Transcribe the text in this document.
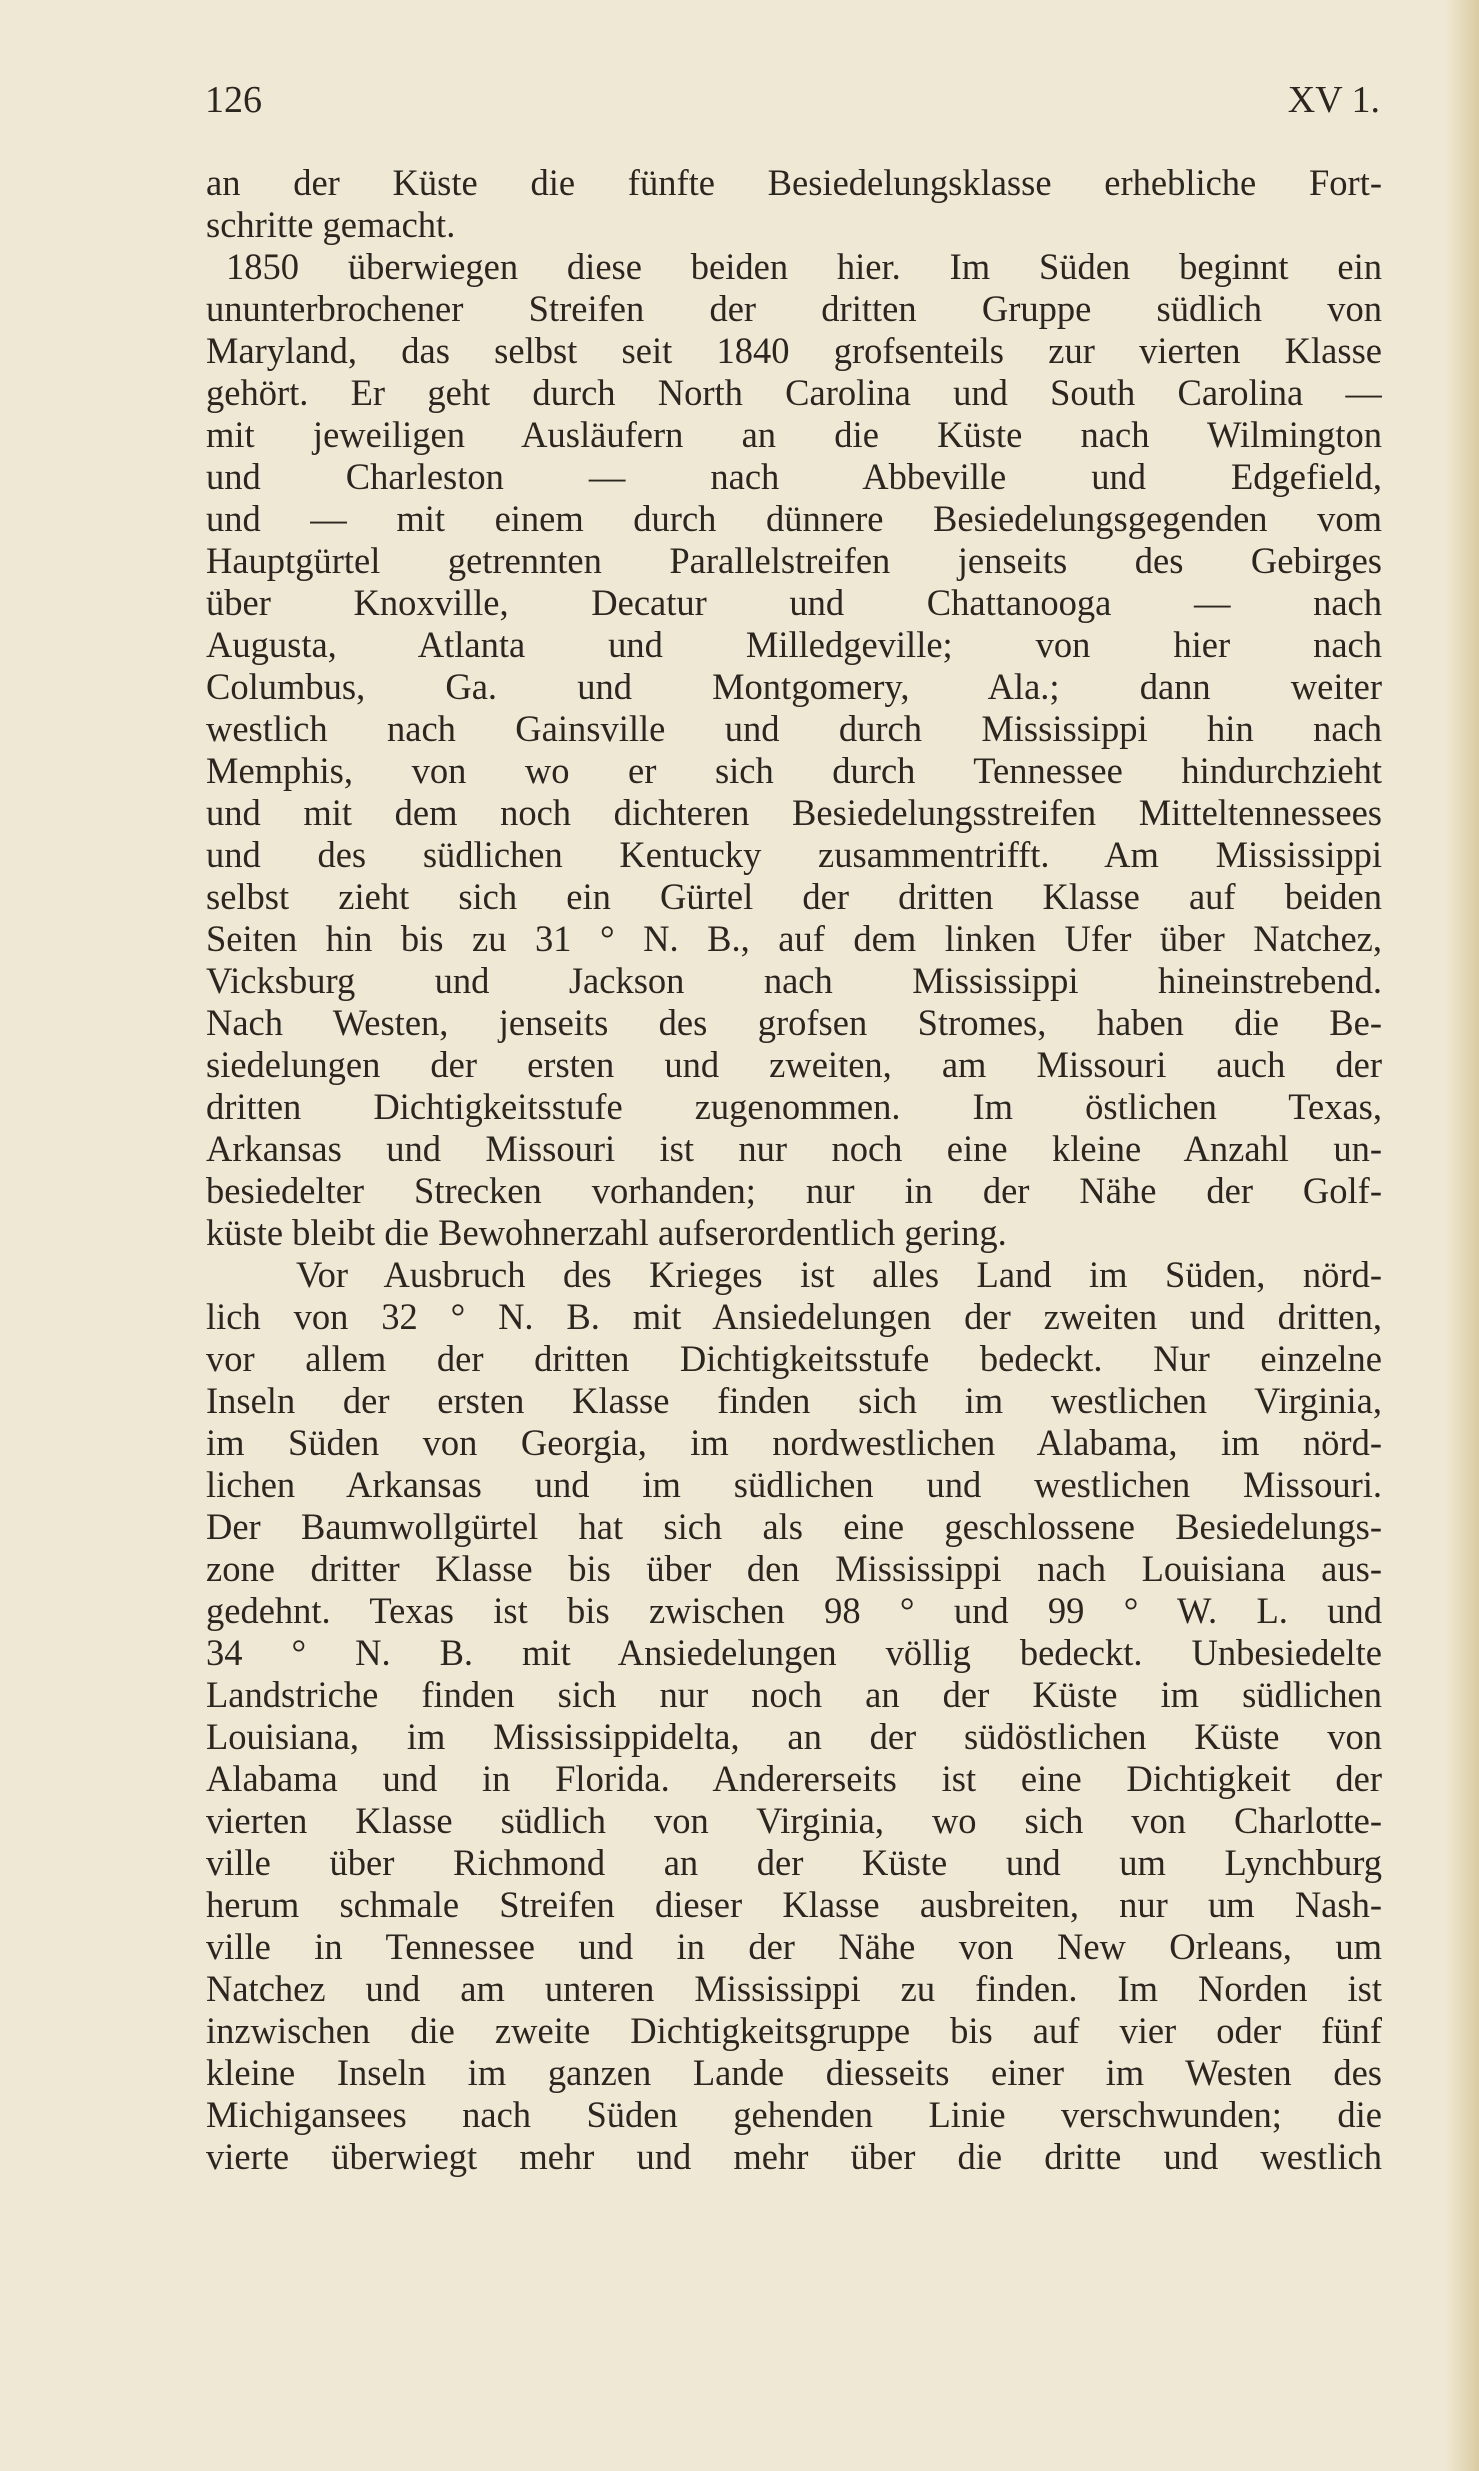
126	XV 1.
an der Küste die fünfte Besiedelungsklasse erhebliche Fort-
schritte gemacht.
1850 überwiegen diese beiden hier. Im Süden beginnt ein
ununterbrochener Streifen der dritten Gruppe südlich von
Maryland, das selbst seit 1840 grofsenteils zur vierten Klasse
gehört. Er geht durch North Carolina und South Carolina —
mit jeweiligen Ausläufern an die Küste nach Wilmington
und Charleston — nach Abbeville und Edgefield,
und — mit einem durch dünnere Besiedelungsgegenden vom
Hauptgürtel getrennten Parallelstreifen jenseits des Gebirges
über Knoxville, Decatur und Chattanooga — nach
Augusta, Atlanta und Milledgeville; von hier nach
Columbus, Ga. und Montgomery, Ala.; dann weiter
westlich nach Gainsville und durch Mississippi hin nach
Memphis, von wo er sich durch Tennessee hindurchzieht
und mit dem noch dichteren Besiedelungsstreifen Mitteltennessees
und des südlichen Kentucky zusammentrifft. Am Mississippi
selbst zieht sich ein Gürtel der dritten Klasse auf beiden
Seiten hin bis zu 31 ° N. B., auf dem linken Ufer über Natchez,
Vicksburg und Jackson nach Mississippi hineinstrebend.
Nach Westen, jenseits des grofsen Stromes, haben die Be-
siedelungen der ersten und zweiten, am Missouri auch der
dritten Dichtigkeitsstufe zugenommen. Im östlichen Texas,
Arkansas und Missouri ist nur noch eine kleine Anzahl un-
besiedelter Strecken vorhanden; nur in der Nähe der Golf-
küste bleibt die Bewohnerzahl aufserordentlich gering.
Vor Ausbruch des Krieges ist alles Land im Süden, nörd-
lich von 32 ° N. B. mit Ansiedelungen der zweiten und dritten,
vor allem der dritten Dichtigkeitsstufe bedeckt. Nur einzelne
Inseln der ersten Klasse finden sich im westlichen Virginia,
im Süden von Georgia, im nordwestlichen Alabama, im nörd-
lichen Arkansas und im südlichen und westlichen Missouri.
Der Baumwollgürtel hat sich als eine geschlossene Besiedelungs-
zone dritter Klasse bis über den Mississippi nach Louisiana aus-
gedehnt. Texas ist bis zwischen 98 ° und 99 ° W. L. und
34 ° N. B. mit Ansiedelungen völlig bedeckt. Unbesiedelte
Landstriche finden sich nur noch an der Küste im südlichen
Louisiana, im Mississippidelta, an der südöstlichen Küste von
Alabama und in Florida. Andererseits ist eine Dichtigkeit der
vierten Klasse südlich von Virginia, wo sich von Charlotte-
ville über Richmond an der Küste und um Lynchburg
herum schmale Streifen dieser Klasse ausbreiten, nur um Nash-
ville in Tennessee und in der Nähe von New Orleans, um
Natchez und am unteren Mississippi zu finden. Im Norden ist
inzwischen die zweite Dichtigkeitsgruppe bis auf vier oder fünf
kleine Inseln im ganzen Lande diesseits einer im Westen des
Michigansees nach Süden gehenden Linie verschwunden; die
vierte überwiegt mehr und mehr über die dritte und westlich
